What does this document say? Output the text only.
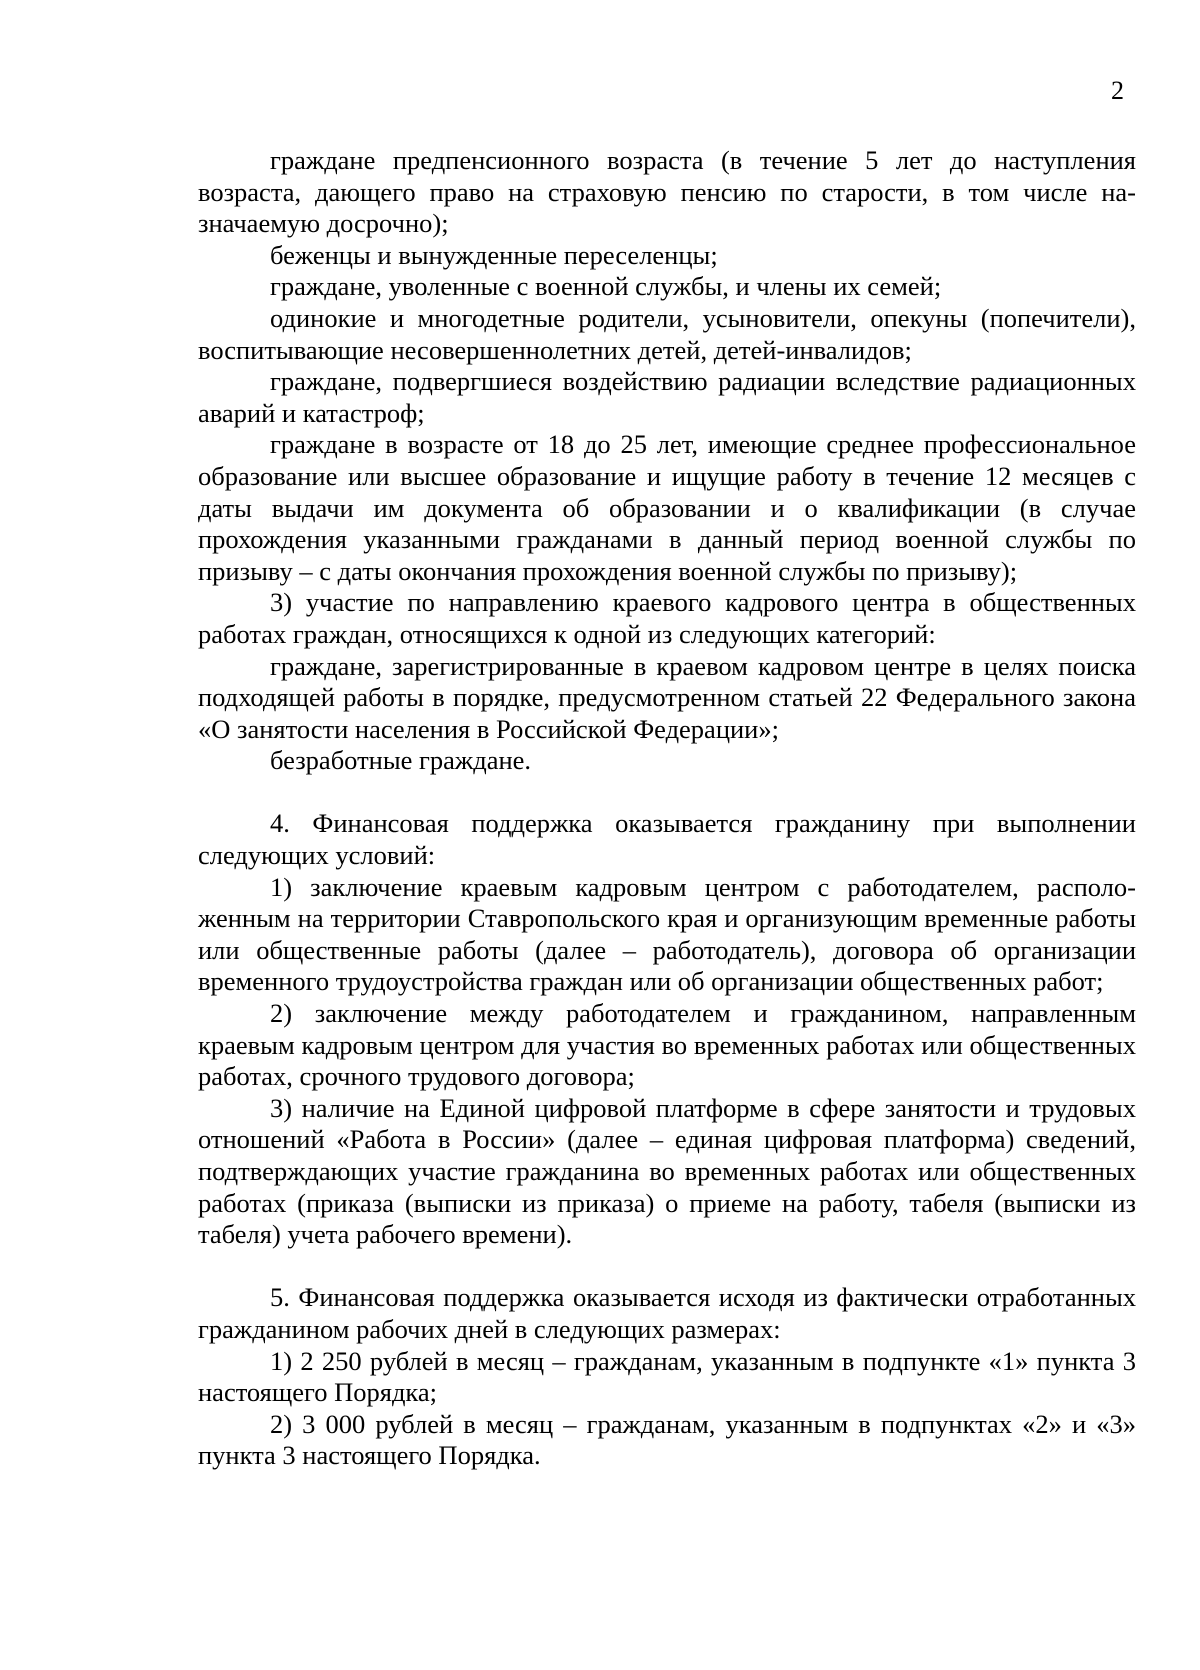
2

граждане предпенсионного возраста (в течение 5 лет до наступления возраста, дающего право на страховую пенсию по старости, в том числе назначаемую досрочно);

беженцы и вынужденные переселенцы;

граждане, уволенные с военной службы, и члены их семей;

одинокие и многодетные родители, усыновители, опекуны (попечители), воспитывающие несовершеннолетних детей, детей-инвалидов;

граждане, подвергшиеся воздействию радиации вследствие радиационных аварий и катастроф;

граждане в возрасте от 18 до 25 лет, имеющие среднее профессиональное образование или высшее образование и ищущие работу в течение 12 месяцев с даты выдачи им документа об образовании и о квалификации (в случае прохождения указанными гражданами в данный период военной службы по призыву – с даты окончания прохождения военной службы по призыву);

3) участие по направлению краевого кадрового центра в общественных работах граждан, относящихся к одной из следующих категорий:

граждане, зарегистрированные в краевом кадровом центре в целях поиска подходящей работы в порядке, предусмотренном статьей 22 Федерального закона «О занятости населения в Российской Федерации»;

безработные граждане.

4. Финансовая поддержка оказывается гражданину при выполнении следующих условий:

1) заключение краевым кадровым центром с работодателем, расположенным на территории Ставропольского края и организующим временные работы или общественные работы (далее – работодатель), договора об организации временного трудоустройства граждан или об организации общественных работ;

2) заключение между работодателем и гражданином, направленным краевым кадровым центром для участия во временных работах или общественных работах, срочного трудового договора;

3) наличие на Единой цифровой платформе в сфере занятости и трудовых отношений «Работа в России» (далее – единая цифровая платформа) сведений, подтверждающих участие гражданина во временных работах или общественных работах (приказа (выписки из приказа) о приеме на работу, табеля (выписки из табеля) учета рабочего времени).

5. Финансовая поддержка оказывается исходя из фактически отработанных гражданином рабочих дней в следующих размерах:

1) 2 250 рублей в месяц – гражданам, указанным в подпункте «1» пункта 3 настоящего Порядка;

2) 3 000 рублей в месяц – гражданам, указанным в подпунктах «2» и «3» пункта 3 настоящего Порядка.
